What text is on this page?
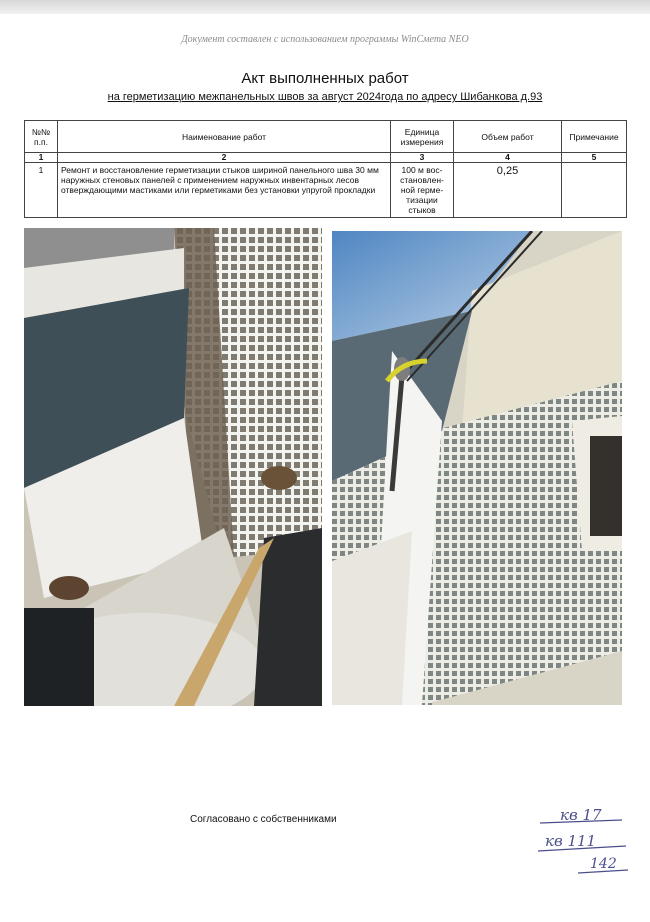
Документ составлен с использованием программы WinСмета NEO
Акт выполненных работ
на герметизацию межпанельных швов за август 2024года по адресу Шибанкова д.93
№№ п.п.	Наименование работ	Единица измерения	Объем работ	Примечание
1	2	3	4	5
1	Ремонт и восстановление герметизации стыков шириной панельного шва 30 мм наружных стеновых панелей с применением наружных инвентарных лесов отверждающими мастиками или герметиками без установки упругой прокладки	100 м вос-становлен-ной герме-тизации стыков	0,25	
Согласовано с собственниками	кв 17
кв 111
142
